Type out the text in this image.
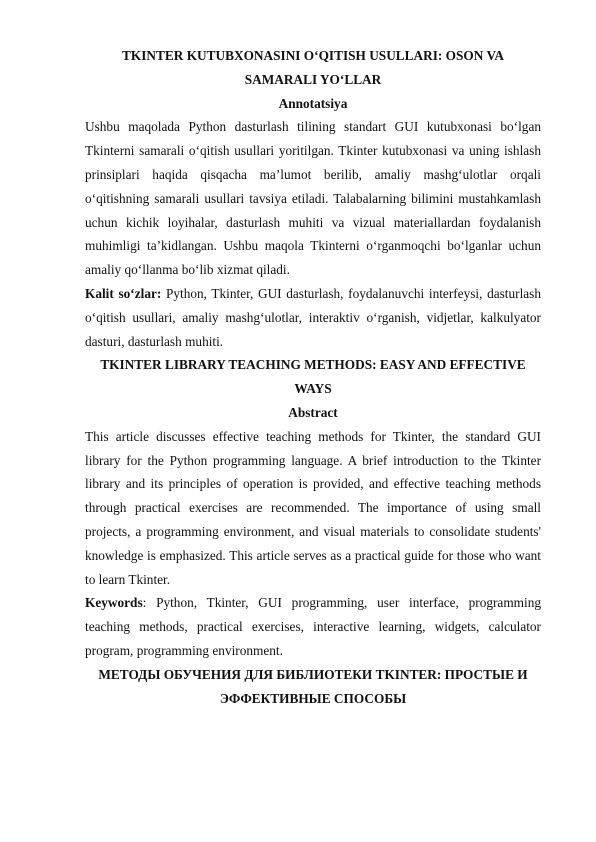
TKINTER KUTUBXONASINI O‘QITISH USULLARI: OSON VA SAMARALI YO‘LLAR
Annotatsiya
Ushbu maqolada Python dasturlash tilining standart GUI kutubxonasi bo‘lgan Tkinterni samarali o‘qitish usullari yoritilgan. Tkinter kutubxonasi va uning ishlash prinsiplari haqida qisqacha ma’lumot berilib, amaliy mashg‘ulotlar orqali o‘qitishning samarali usullari tavsiya etiladi. Talabalarning bilimini mustahkamlash uchun kichik loyihalar, dasturlash muhiti va vizual materiallardan foydalanish muhimligi ta’kidlangan. Ushbu maqola Tkinterni o‘rganmoqchi bo‘lganlar uchun amaliy qo‘llanma bo‘lib xizmat qiladi.
Kalit so‘zlar: Python, Tkinter, GUI dasturlash, foydalanuvchi interfeysi, dasturlash o‘qitish usullari, amaliy mashg‘ulotlar, interaktiv o‘rganish, vidjetlar, kalkulyator dasturi, dasturlash muhiti.
TKINTER LIBRARY TEACHING METHODS: EASY AND EFFECTIVE WAYS
Abstract
This article discusses effective teaching methods for Tkinter, the standard GUI library for the Python programming language. A brief introduction to the Tkinter library and its principles of operation is provided, and effective teaching methods through practical exercises are recommended. The importance of using small projects, a programming environment, and visual materials to consolidate students' knowledge is emphasized. This article serves as a practical guide for those who want to learn Tkinter.
Keywords: Python, Tkinter, GUI programming, user interface, programming teaching methods, practical exercises, interactive learning, widgets, calculator program, programming environment.
МЕТОДЫ ОБУЧЕНИЯ ДЛЯ БИБЛИОТЕКИ TKINTER: ПРОСТЫЕ И ЭФФЕКТИВНЫЕ СПОСОБЫ
